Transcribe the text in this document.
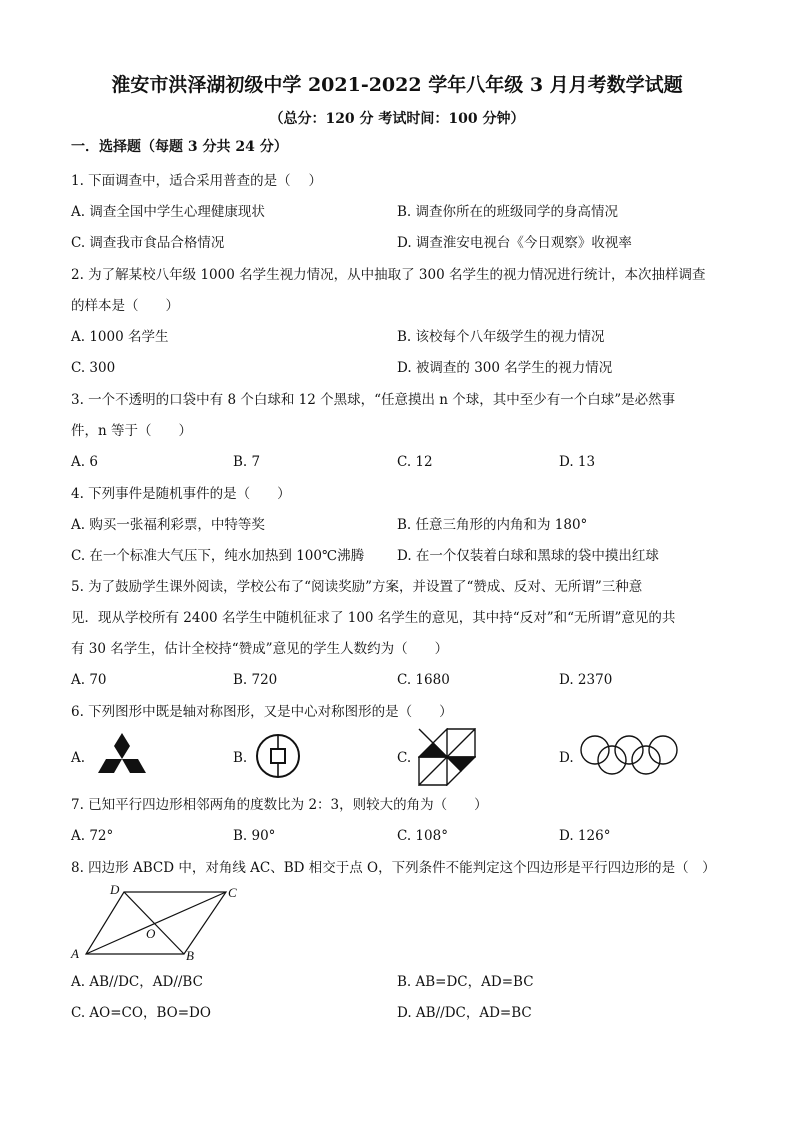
淮安市洪泽湖初级中学 2021-2022 学年八年级 3 月月考数学试题
（总分：120 分 考试时间：100 分钟）
一．选择题（每题 3 分共 24 分）
1. 下面调查中，适合采用普查的是（　 ）
A. 调查全国中学生心理健康现状	B. 调查你所在的班级同学的身高情况
C. 调查我市食品合格情况	D. 调查淮安电视台《今日观察》收视率
2. 为了解某校八年级 1000 名学生视力情况，从中抽取了 300 名学生的视力情况进行统计，本次抽样调查
的样本是（　　）
A. 1000 名学生	B. 该校每个八年级学生的视力情况
C. 300	D. 被调查的 300 名学生的视力情况
3. 一个不透明的口袋中有 8 个白球和 12 个黑球，“任意摸出 n 个球，其中至少有一个白球”是必然事
件，n 等于（　　）
A. 6	B. 7	C. 12	D. 13
4. 下列事件是随机事件的是（　　）
A. 购买一张福利彩票，中特等奖	B. 任意三角形的内角和为 180°
C. 在一个标准大气压下，纯水加热到 100℃沸腾 D. 在一个仅装着白球和黑球的袋中摸出红球
5. 为了鼓励学生课外阅读，学校公布了“阅读奖励”方案，并设置了“赞成、反对、无所谓”三种意
见．现从学校所有 2400 名学生中随机征求了 100 名学生的意见，其中持“反对”和“无所谓”意见的共
有 30 名学生，估计全校持“赞成”意见的学生人数约为（　　）
A. 70	B. 720	C. 1680	D. 2370
6. 下列图形中既是轴对称图形，又是中心对称图形的是（　　）
A.	B.	C.	D.
7. 已知平行四边形相邻两角的度数比为 2：3，则较大的角为（　　）
A. 72°	B. 90°	C. 108°	D. 126°
8. 四边形 ABCD 中，对角线 AC、BD 相交于点 O，下列条件不能判定这个四边形是平行四边形的是（　）
A	B
C
D
O
A. AB//DC，AD//BC	B. AB=DC，AD=BC
C. AO=CO，BO=DO	D. AB//DC，AD=BC
